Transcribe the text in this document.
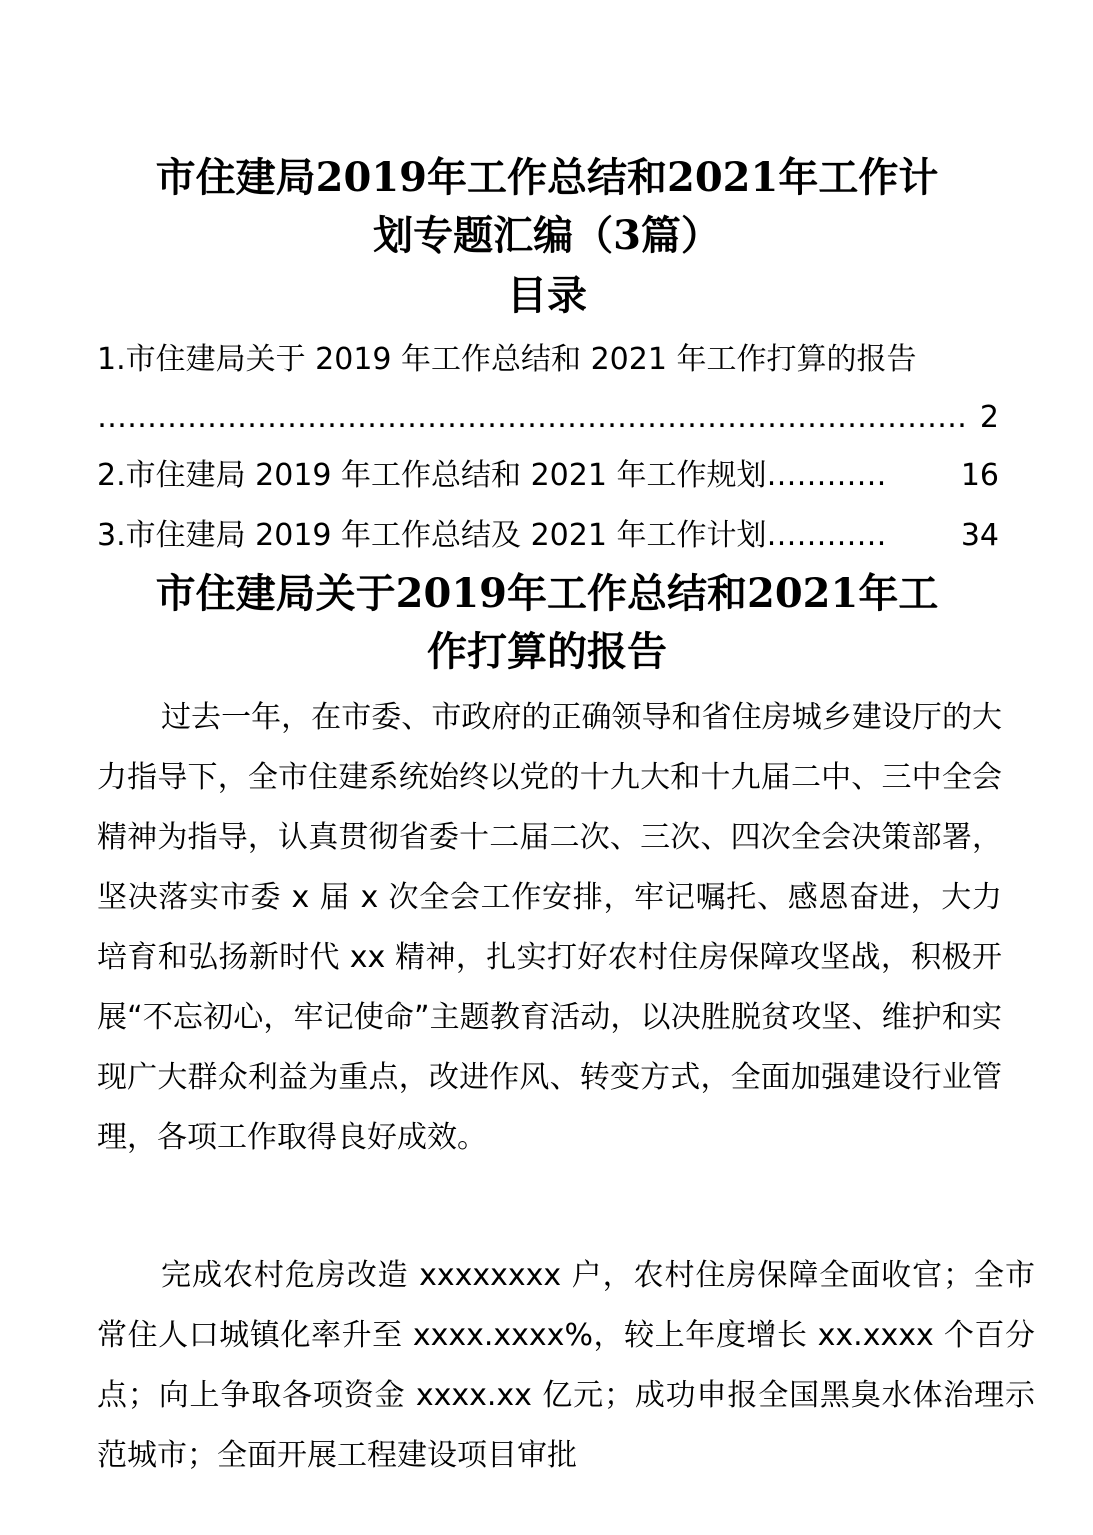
市住建局2019年工作总结和2021年工作计
划专题汇编（3篇）
目录
1.市住建局关于 2019 年工作总结和 2021 年工作打算的报告
…………………………………………………………………………… 2
2.市住建局 2019 年工作总结和 2021 年工作规划 …………	16
3.市住建局 2019 年工作总结及 2021 年工作计划 …………	34
市住建局关于2019年工作总结和2021年工
作打算的报告
过去一年，在市委、市政府的正确领导和省住房城乡建设厅的大力指导下，全市住建系统始终以党的十九大和十九届二中、三中全会精神为指导，认真贯彻省委十二届二次、三次、四次全会决策部署，坚决落实市委 x 届 x 次全会工作安排，牢记嘱托、感恩奋进，大力培育和弘扬新时代 xx 精神，扎实打好农村住房保障攻坚战，积极开展“不忘初心，牢记使命”主题教育活动，以决胜脱贫攻坚、维护和实现广大群众利益为重点，改进作风、转变方式，全面加强建设行业管理，各项工作取得良好成效。
完成农村危房改造 xxxxxxxx 户，农村住房保障全面收官；全市常住人口城镇化率升至 xxxx.xxxx%，较上年度增长 xx.xxxx 个百分点；向上争取各项资金 xxxx.xx 亿元；成功申报全国黑臭水体治理示范城市；全面开展工程建设项目审批
